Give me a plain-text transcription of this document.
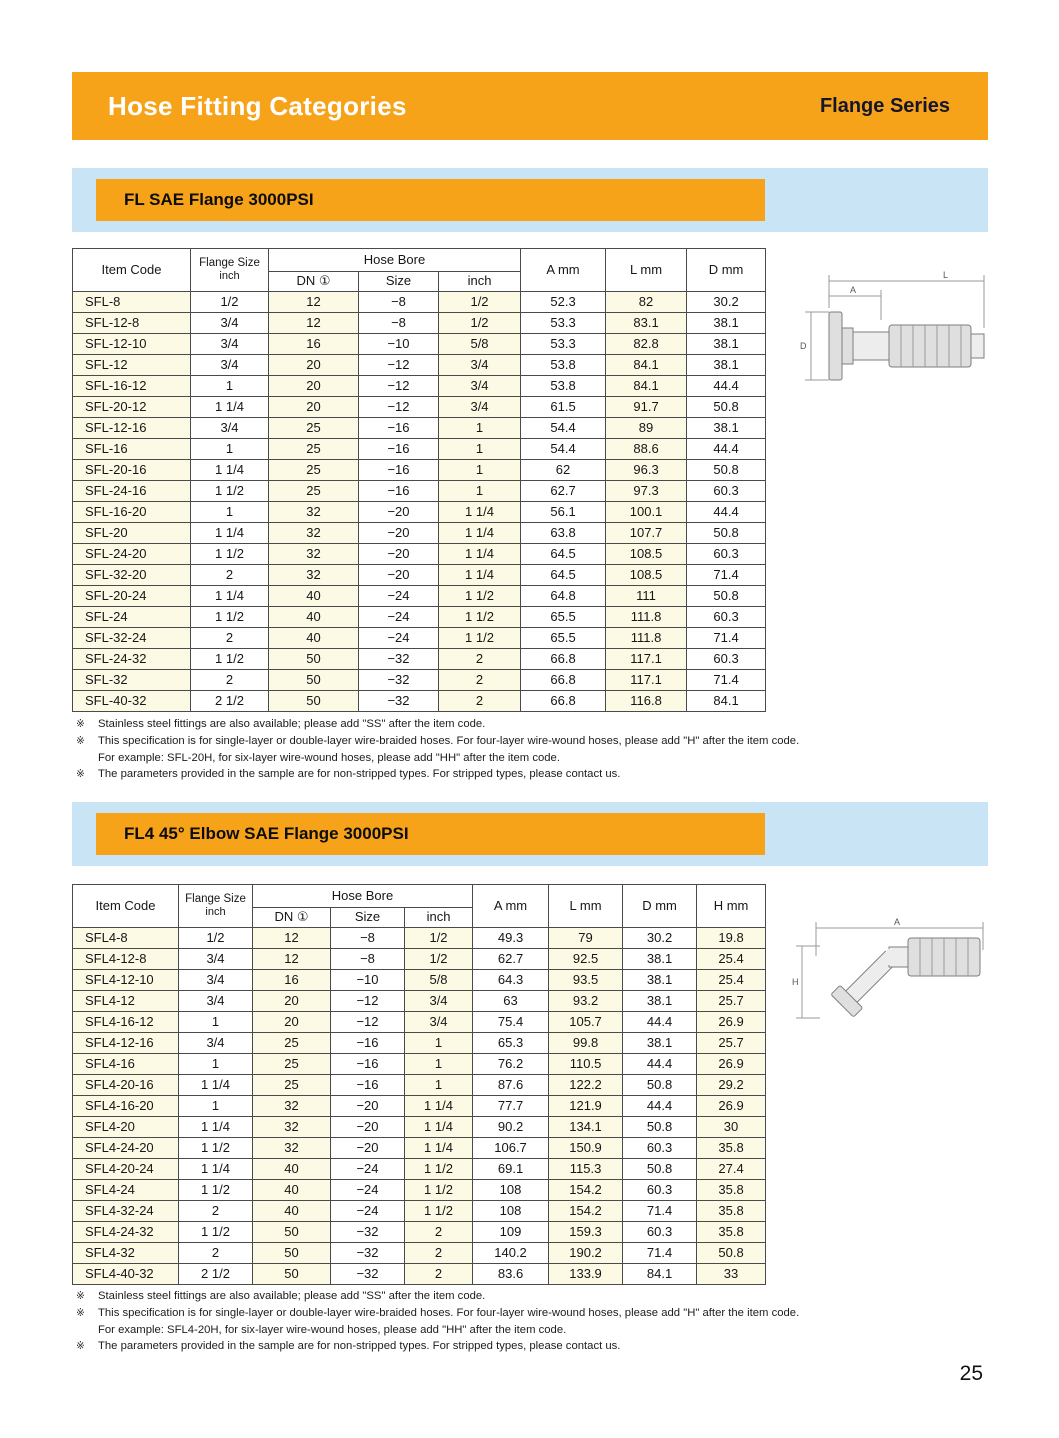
Hose Fitting Categories	Flange Series
FL SAE Flange 3000PSI
Item Code	Flange Size
inch	Hose Bore			A mm	L mm	D mm
		DN ①	Size	inch			
SFL-8	1/2	12	−8	1/2	52.3	82	30.2
SFL-12-8	3/4	12	−8	1/2	53.3	83.1	38.1
SFL-12-10	3/4	16	−10	5/8	53.3	82.8	38.1
SFL-12	3/4	20	−12	3/4	53.8	84.1	38.1
SFL-16-12	1	20	−12	3/4	53.8	84.1	44.4
SFL-20-12	1 1/4	20	−12	3/4	61.5	91.7	50.8
SFL-12-16	3/4	25	−16	1	54.4	89	38.1
SFL-16	1	25	−16	1	54.4	88.6	44.4
SFL-20-16	1 1/4	25	−16	1	62	96.3	50.8
SFL-24-16	1 1/2	25	−16	1	62.7	97.3	60.3
SFL-16-20	1	32	−20	1 1/4	56.1	100.1	44.4
SFL-20	1 1/4	32	−20	1 1/4	63.8	107.7	50.8
SFL-24-20	1 1/2	32	−20	1 1/4	64.5	108.5	60.3
SFL-32-20	2	32	−20	1 1/4	64.5	108.5	71.4
SFL-20-24	1 1/4	40	−24	1 1/2	64.8	111	50.8
SFL-24	1 1/2	40	−24	1 1/2	65.5	111.8	60.3
SFL-32-24	2	40	−24	1 1/2	65.5	111.8	71.4
SFL-24-32	1 1/2	50	−32	2	66.8	117.1	60.3
SFL-32	2	50	−32	2	66.8	117.1	71.4
SFL-40-32	2 1/2	50	−32	2	66.8	116.8	84.1
※	Stainless steel fittings are also available; please add "SS" after the item code.
※	This specification is for single-layer or double-layer wire-braided hoses. For four-layer wire-wound hoses, please add "H" after the item code.
For example: SFL-20H, for six-layer wire-wound hoses, please add "HH" after the item code.
※	The parameters provided in the sample are for non-stripped types. For stripped types, please contact us.
L
A
D
FL4 45° Elbow SAE Flange 3000PSI
Item Code	Flange Size
inch	Hose Bore			A mm	L mm	D mm	H mm
		DN ①	Size	inch				
SFL4-8	1/2	12	−8	1/2	49.3	79	30.2	19.8
SFL4-12-8	3/4	12	−8	1/2	62.7	92.5	38.1	25.4
SFL4-12-10	3/4	16	−10	5/8	64.3	93.5	38.1	25.4
SFL4-12	3/4	20	−12	3/4	63	93.2	38.1	25.7
SFL4-16-12	1	20	−12	3/4	75.4	105.7	44.4	26.9
SFL4-12-16	3/4	25	−16	1	65.3	99.8	38.1	25.7
SFL4-16	1	25	−16	1	76.2	110.5	44.4	26.9
SFL4-20-16	1 1/4	25	−16	1	87.6	122.2	50.8	29.2
SFL4-16-20	1	32	−20	1 1/4	77.7	121.9	44.4	26.9
SFL4-20	1 1/4	32	−20	1 1/4	90.2	134.1	50.8	30
SFL4-24-20	1 1/2	32	−20	1 1/4	106.7	150.9	60.3	35.8
SFL4-20-24	1 1/4	40	−24	1 1/2	69.1	115.3	50.8	27.4
SFL4-24	1 1/2	40	−24	1 1/2	108	154.2	60.3	35.8
SFL4-32-24	2	40	−24	1 1/2	108	154.2	71.4	35.8
SFL4-24-32	1 1/2	50	−32	2	109	159.3	60.3	35.8
SFL4-32	2	50	−32	2	140.2	190.2	71.4	50.8
SFL4-40-32	2 1/2	50	−32	2	83.6	133.9	84.1	33
※	Stainless steel fittings are also available; please add "SS" after the item code.
※	This specification is for single-layer or double-layer wire-braided hoses. For four-layer wire-wound hoses, please add "H" after the item code.
For example: SFL4-20H, for six-layer wire-wound hoses, please add "HH" after the item code.
※	The parameters provided in the sample are for non-stripped types. For stripped types, please contact us.
A
H
25
